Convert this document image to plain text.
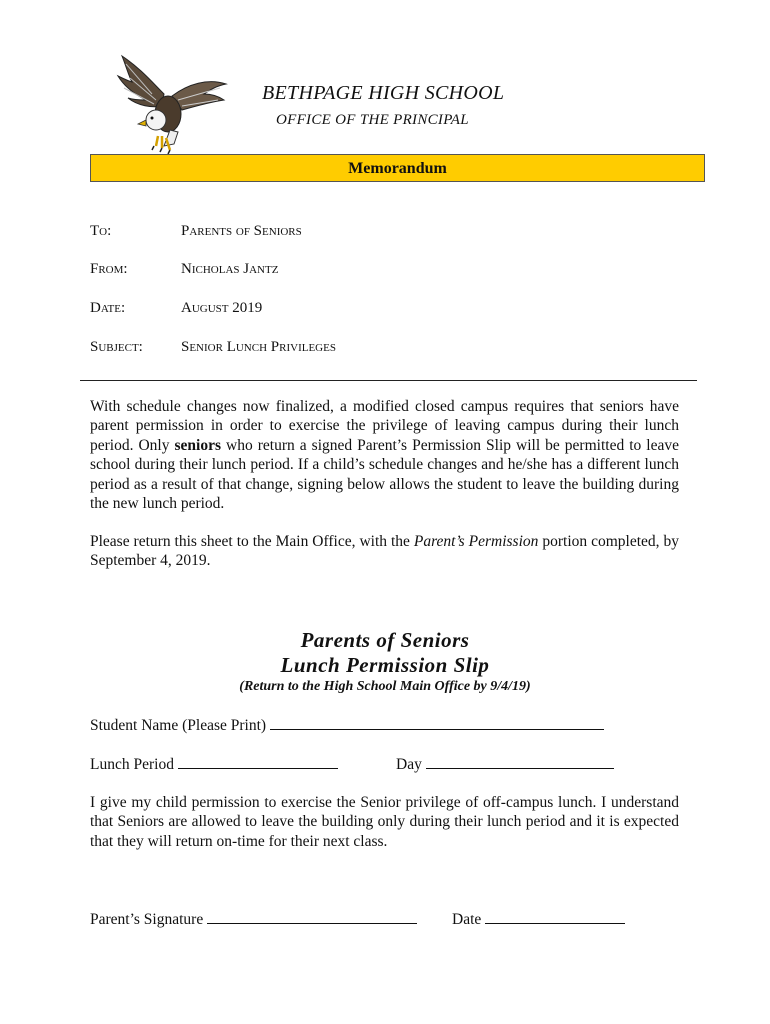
BETHPAGE HIGH SCHOOL
OFFICE OF THE PRINCIPAL
Memorandum
To:	Parents of Seniors
From:	Nicholas Jantz
Date:	August 2019
Subject:	Senior Lunch Privileges

With schedule changes now finalized, a modified closed campus requires that seniors have parent permission in order to exercise the privilege of leaving campus during their lunch period. Only seniors who return a signed Parent’s Permission Slip will be permitted to leave school during their lunch period. If a child’s schedule changes and he/she has a different lunch period as a result of that change, signing below allows the student to leave the building during the new lunch period.

Please return this sheet to the Main Office, with the Parent’s Permission portion completed, by September 4, 2019.

Parents of Seniors
Lunch Permission Slip
(Return to the High School Main Office by 9/4/19)
Student Name (Please Print)
Lunch Period	Day

I give my child permission to exercise the Senior privilege of off-campus lunch. I understand that Seniors are allowed to leave the building only during their lunch period and it is expected that they will return on-time for their next class.

Parent’s Signature	Date
